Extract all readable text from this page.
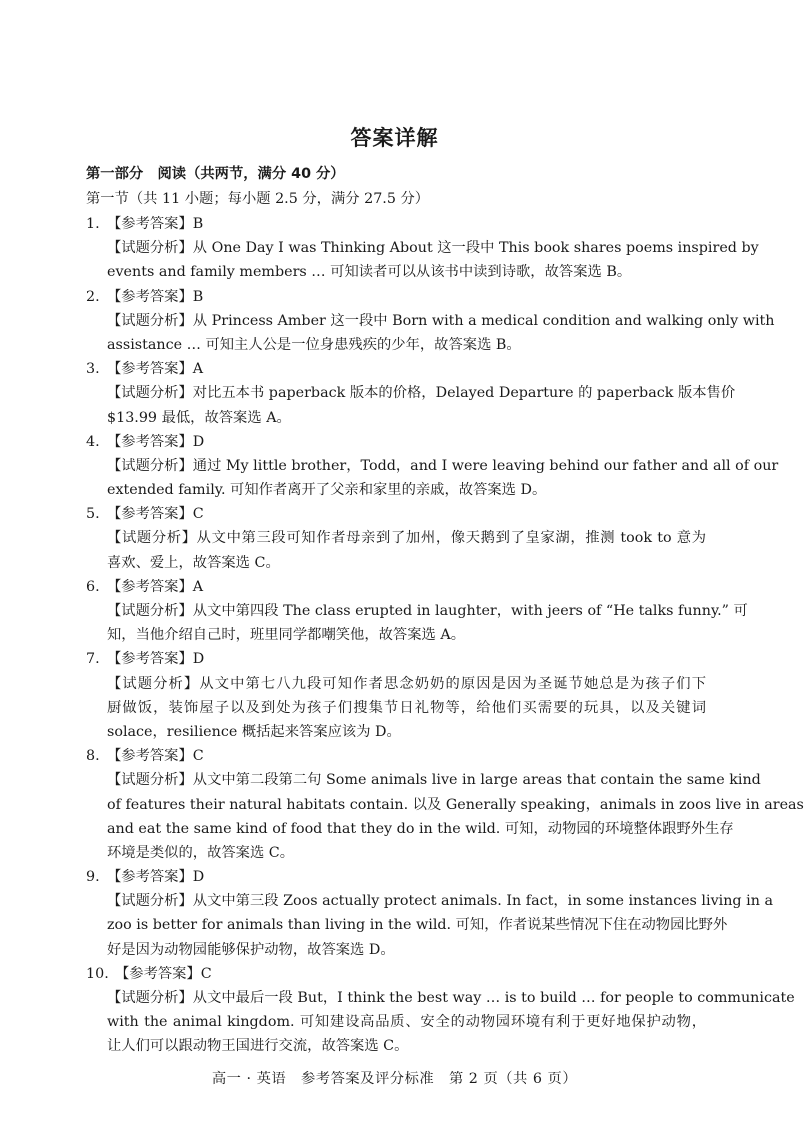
答案详解
第一部分　阅读（共两节，满分 40 分）
第一节（共 11 小题；每小题 2.5 分，满分 27.5 分）
1. 【参考答案】B
【试题分析】从 One Day I was Thinking About 这一段中 This book shares poems inspired by
events and family members … 可知读者可以从该书中读到诗歌，故答案选 B。
2. 【参考答案】B
【试题分析】从 Princess Amber 这一段中 Born with a medical condition and walking only with
assistance … 可知主人公是一位身患残疾的少年，故答案选 B。
3. 【参考答案】A
【试题分析】对比五本书 paperback 版本的价格，Delayed Departure 的 paperback 版本售价
$13.99 最低，故答案选 A。
4. 【参考答案】D
【试题分析】通过 My little brother，Todd，and I were leaving behind our father and all of our
extended family. 可知作者离开了父亲和家里的亲戚，故答案选 D。
5. 【参考答案】C
【试题分析】从文中第三段可知作者母亲到了加州，像天鹅到了皇家湖，推测 took to 意为
喜欢、爱上，故答案选 C。
6. 【参考答案】A
【试题分析】从文中第四段 The class erupted in laughter，with jeers of “He talks funny.” 可
知，当他介绍自己时，班里同学都嘲笑他，故答案选 A。
7. 【参考答案】D
【试题分析】从文中第七八九段可知作者思念奶奶的原因是因为圣诞节她总是为孩子们下
厨做饭，装饰屋子以及到处为孩子们搜集节日礼物等，给他们买需要的玩具，以及关键词
solace，resilience 概括起来答案应该为 D。
8. 【参考答案】C
【试题分析】从文中第二段第二句 Some animals live in large areas that contain the same kind
of features their natural habitats contain. 以及 Generally speaking，animals in zoos live in areas
and eat the same kind of food that they do in the wild. 可知，动物园的环境整体跟野外生存
环境是类似的，故答案选 C。
9. 【参考答案】D
【试题分析】从文中第三段 Zoos actually protect animals. In fact，in some instances living in a
zoo is better for animals than living in the wild. 可知，作者说某些情况下住在动物园比野外
好是因为动物园能够保护动物，故答案选 D。
10. 【参考答案】C
【试题分析】从文中最后一段 But，I think the best way … is to build … for people to communicate
with the animal kingdom. 可知建设高品质、安全的动物园环境有利于更好地保护动物，
让人们可以跟动物王国进行交流，故答案选 C。
高一 · 英语　参考答案及评分标准　第 2 页（共 6 页）
